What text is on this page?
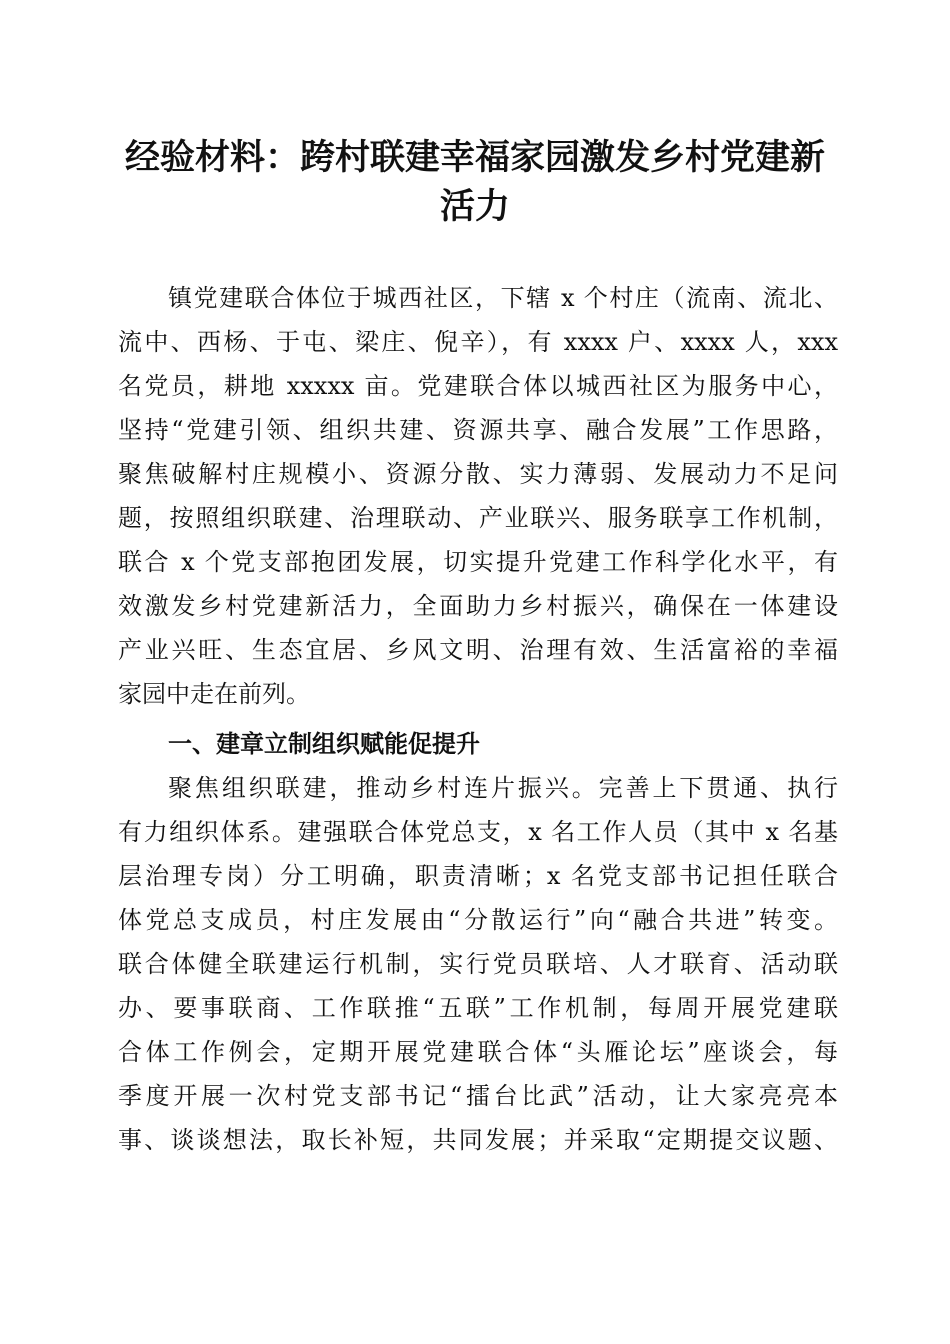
经验材料：跨村联建幸福家园激发乡村党建新
活力
镇党建联合体位于城西社区，下辖 x 个村庄（流南、流北、
流中、西杨、于屯、梁庄、倪辛），有 xxxx 户、xxxx 人，xxx
名党员，耕地 xxxxx 亩。党建联合体以城西社区为服务中心，
坚持“党建引领、组织共建、资源共享、融合发展”工作思路，
聚焦破解村庄规模小、资源分散、实力薄弱、发展动力不足问
题，按照组织联建、治理联动、产业联兴、服务联享工作机制，
联合 x 个党支部抱团发展，切实提升党建工作科学化水平，有
效激发乡村党建新活力，全面助力乡村振兴，确保在一体建设
产业兴旺、生态宜居、乡风文明、治理有效、生活富裕的幸福
家园中走在前列。
一、建章立制组织赋能促提升
聚焦组织联建，推动乡村连片振兴。完善上下贯通、执行
有力组织体系。建强联合体党总支，x 名工作人员（其中 x 名基
层治理专岗）分工明确，职责清晰；x 名党支部书记担任联合
体党总支成员，村庄发展由“分散运行”向“融合共进”转变。
联合体健全联建运行机制，实行党员联培、人才联育、活动联
办、要事联商、工作联推“五联”工作机制，每周开展党建联
合体工作例会，定期开展党建联合体“头雁论坛”座谈会，每
季度开展一次村党支部书记“擂台比武”活动，让大家亮亮本
事、谈谈想法，取长补短，共同发展；并采取“定期提交议题、
